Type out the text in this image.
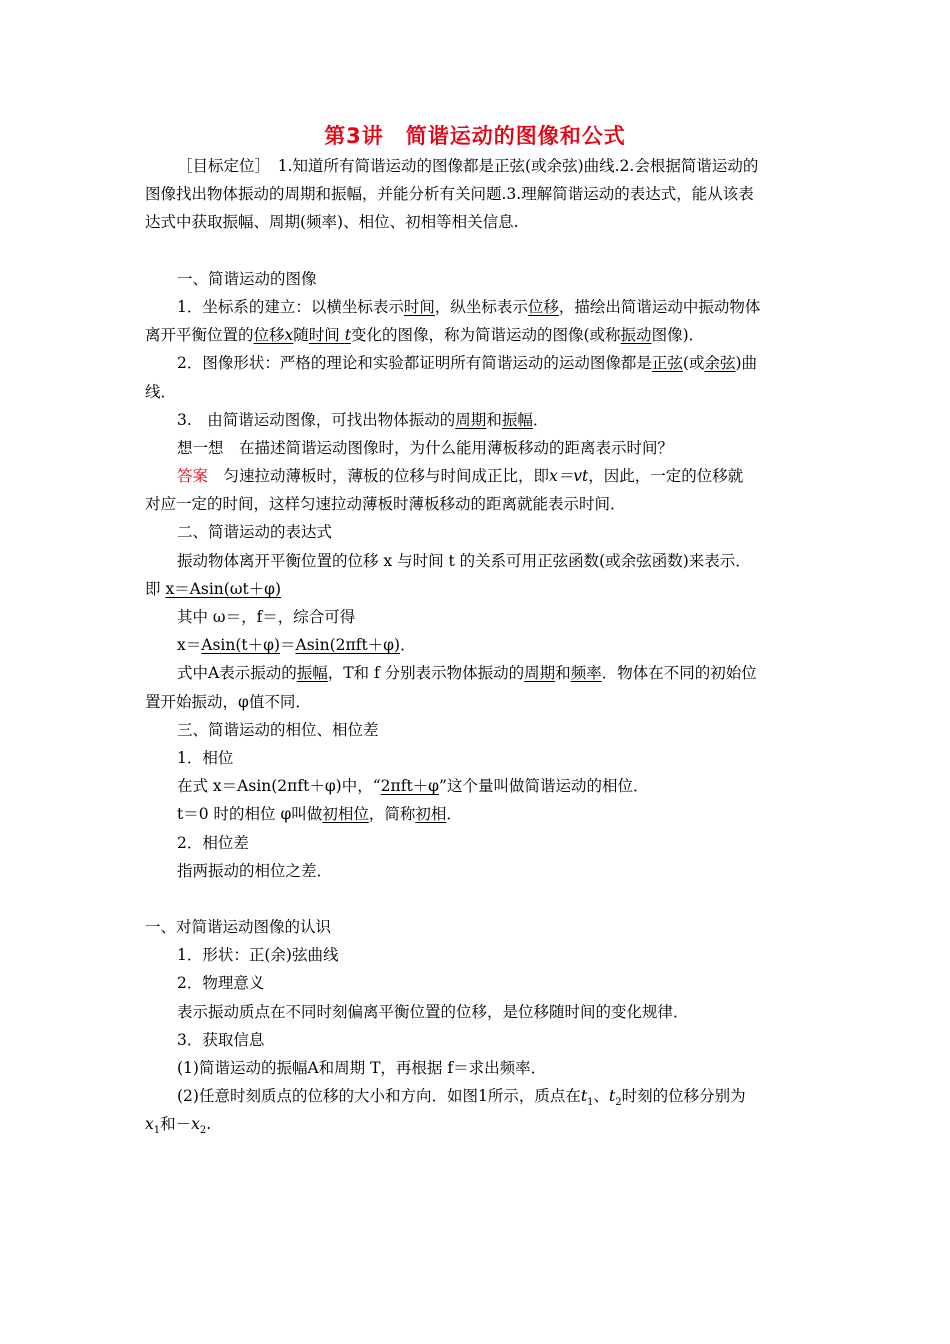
第3讲　简谐运动的图像和公式
［目标定位］　1.知道所有简谐运动的图像都是正弦(或余弦)曲线.2.会根据简谐运动的
图像找出物体振动的周期和振幅，并能分析有关问题.3.理解简谐运动的表达式，能从该表
达式中获取振幅、周期(频率)、相位、初相等相关信息.
一、简谐运动的图像
1．坐标系的建立：以横坐标表示时间，纵坐标表示位移，描绘出简谐运动中振动物体
离开平衡位置的位移x随时间 t变化的图像，称为简谐运动的图像(或称振动图像)．
2．图像形状：严格的理论和实验都证明所有简谐运动的运动图像都是正弦(或余弦)曲
线．
3.　由简谐运动图像，可找出物体振动的周期和振幅．
想一想　在描述简谐运动图像时，为什么能用薄板移动的距离表示时间？
答案　匀速拉动薄板时，薄板的位移与时间成正比，即x＝vt，因此，一定的位移就
对应一定的时间，这样匀速拉动薄板时薄板移动的距离就能表示时间．
二、简谐运动的表达式
振动物体离开平衡位置的位移 x 与时间 t 的关系可用正弦函数(或余弦函数)来表示．
即 x＝Asin(ωt＋φ)
其中 ω＝，f＝，综合可得
x＝Asin(t＋φ)＝Asin(2πft＋φ)．
式中A表示振动的振幅，T和 f 分别表示物体振动的周期和频率．物体在不同的初始位
置开始振动，φ值不同．
三、简谐运动的相位、相位差
1．相位
在式 x＝Asin(2πft＋φ)中，“2πft＋φ”这个量叫做简谐运动的相位．
t＝0 时的相位 φ叫做初相位，简称初相．
2．相位差
指两振动的相位之差．
一、对简谐运动图像的认识
1．形状：正(余)弦曲线
2．物理意义
表示振动质点在不同时刻偏离平衡位置的位移，是位移随时间的变化规律．
3．获取信息
(1)简谐运动的振幅A和周期 T，再根据 f＝求出频率．
(2)任意时刻质点的位移的大小和方向．如图1所示，质点在$t_1$、$t_2$时刻的位移分别为
$x_1$和$-x_2$.
